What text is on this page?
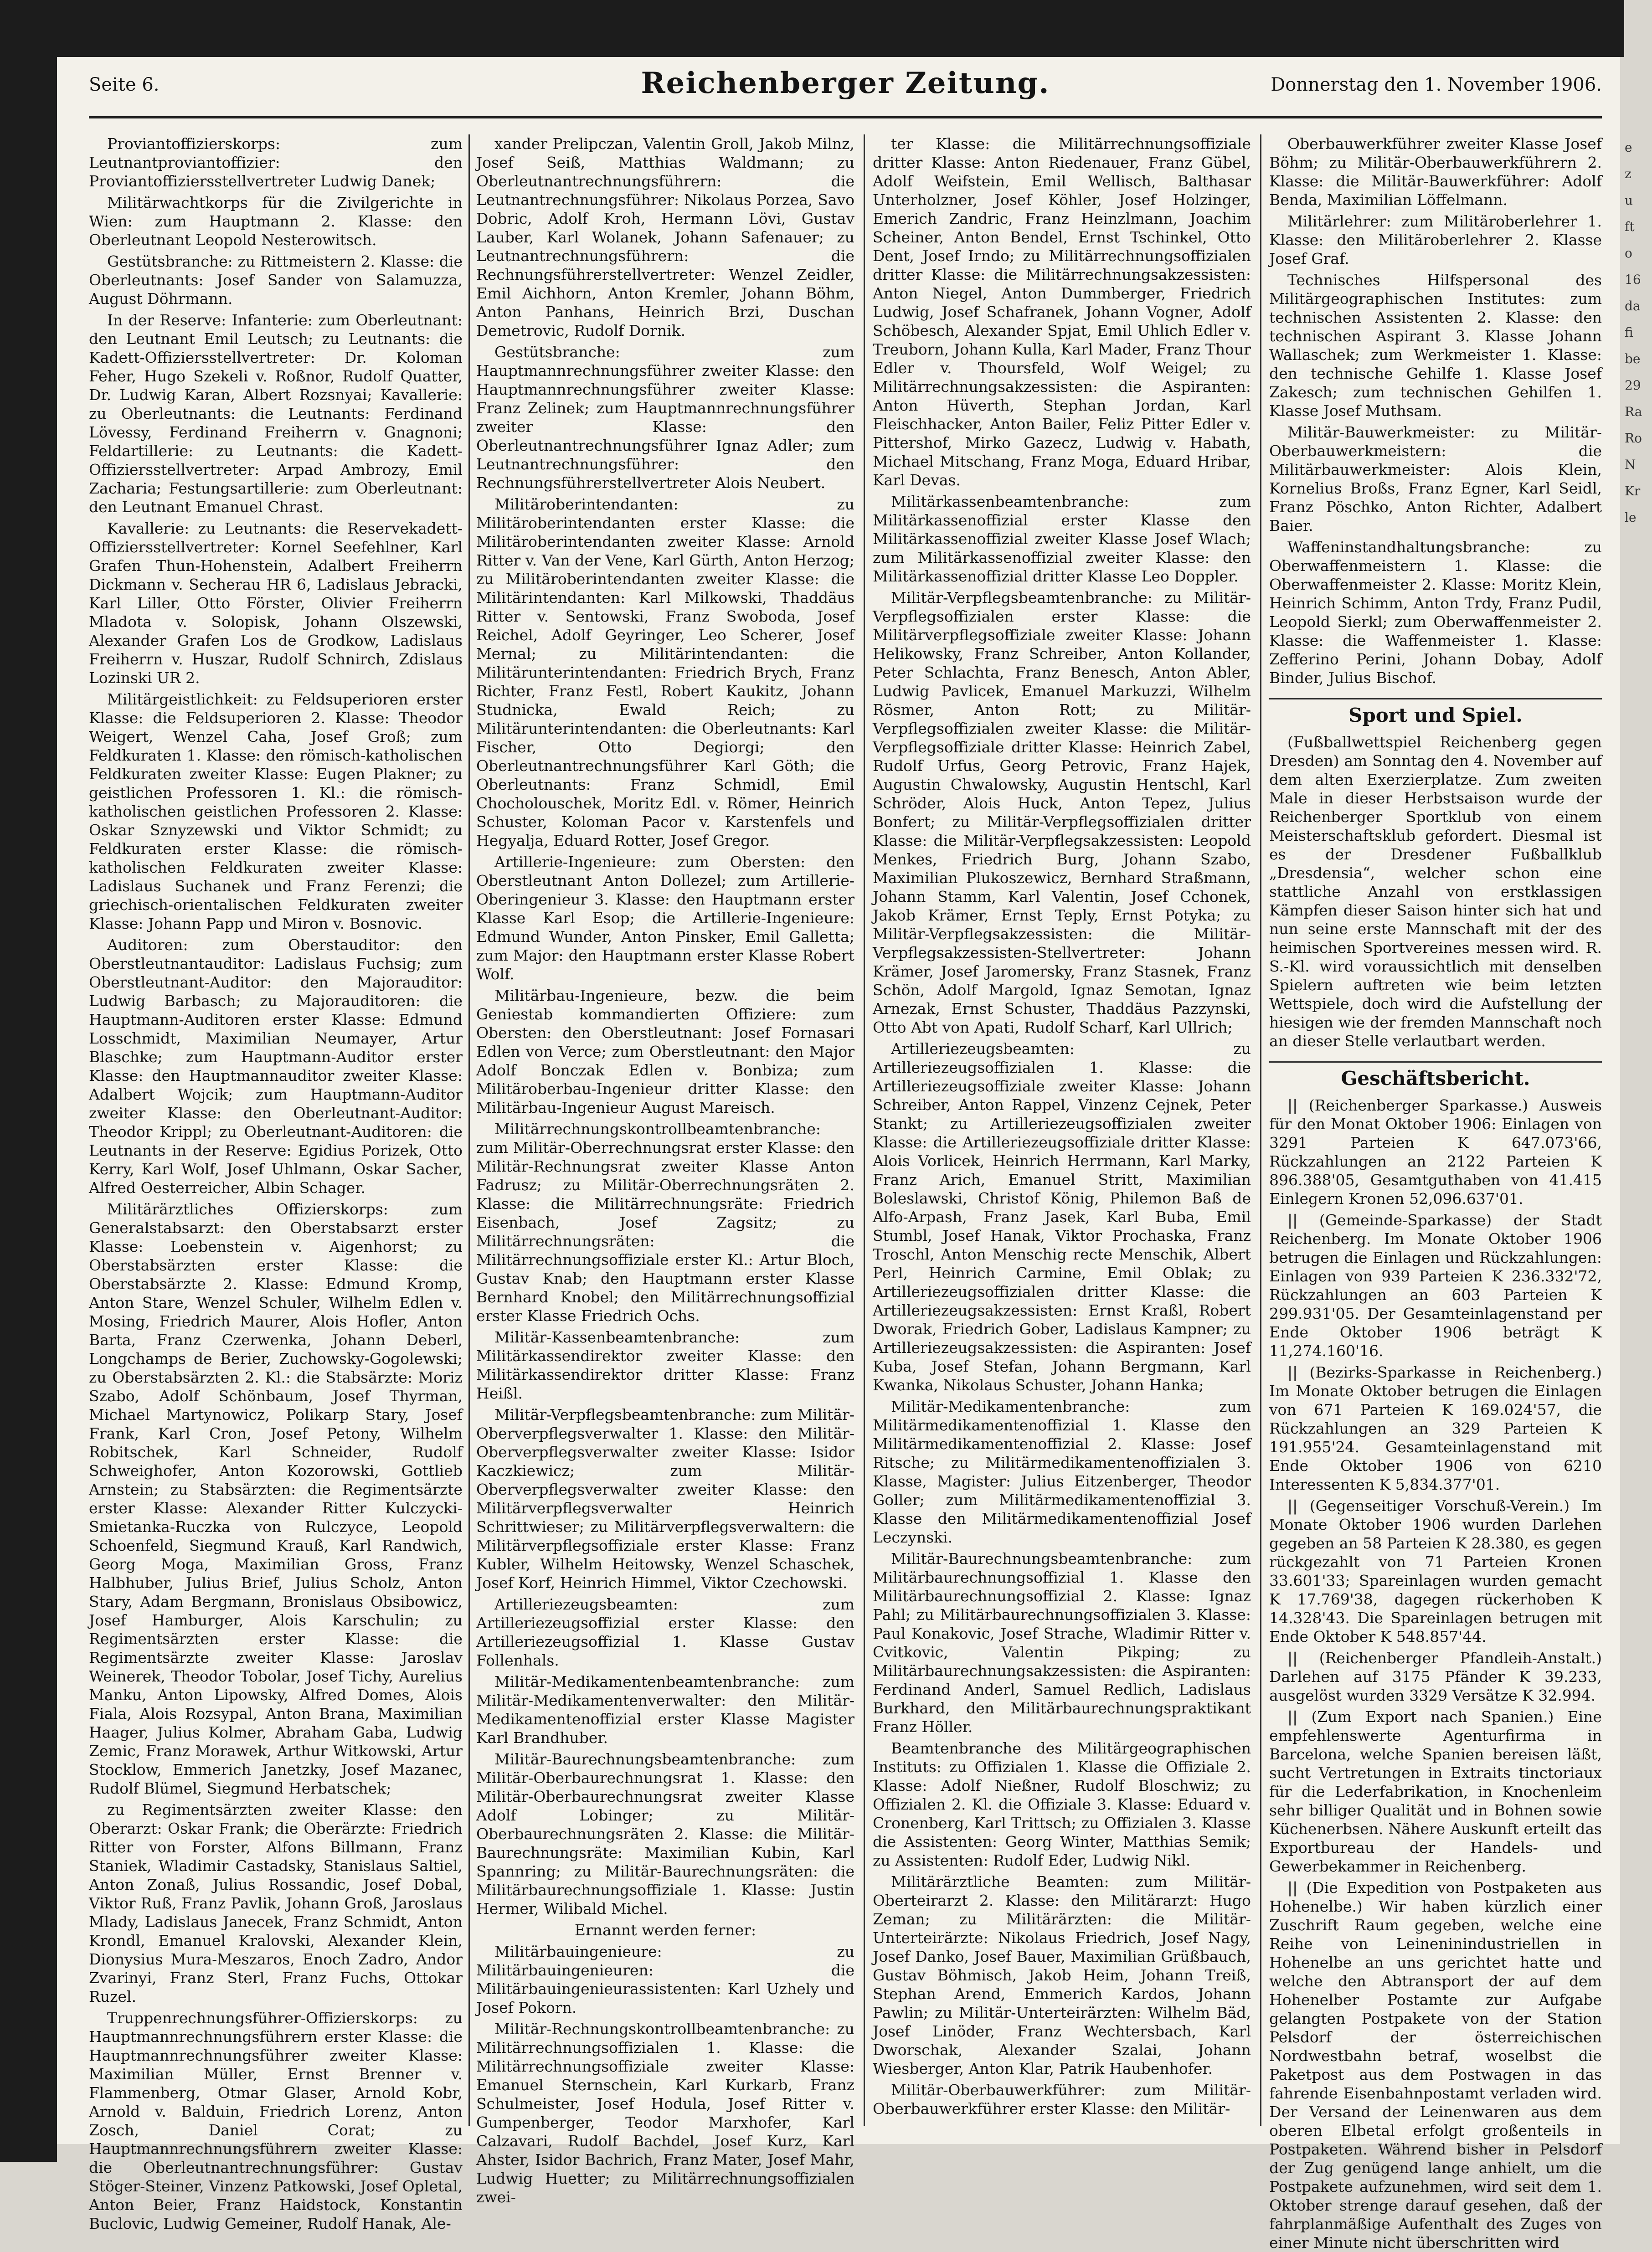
Seite 6.	Reichenberger Zeitung.	Donnerstag den 1. November 1906.

Proviantoffizierskorps: zum Leutnantproviantoffizier: den Proviantoffiziersstellvertreter Ludwig Danek;

Militärwachtkorps für die Zivilgerichte in Wien: zum Hauptmann 2. Klasse: den Oberleutnant Leopold Nesterowitsch.

Gestütsbranche: zu Rittmeistern 2. Klasse: die Oberleutnants: Josef Sander von Salamuzza, August Döhrmann.

In der Reserve: Infanterie: zum Oberleutnant: den Leutnant Emil Leutsch; zu Leutnants: die Kadett-Offiziersstellvertreter: Dr. Koloman Feher, Hugo Szekeli v. Roßnor, Rudolf Quatter, Dr. Ludwig Karan, Albert Rozsnyai; Kavallerie: zu Oberleutnants: die Leutnants: Ferdinand Lövessy, Ferdinand Freiherrn v. Gnagnoni; Feldartillerie: zu Leutnants: die Kadett-Offiziersstellvertreter: Arpad Ambrozy, Emil Zacharia; Festungsartillerie: zum Oberleutnant: den Leutnant Emanuel Chrast.

Kavallerie: zu Leutnants: die Reservekadett-Offiziersstellvertreter: Kornel Seefehlner, Karl Grafen Thun-Hohenstein, Adalbert Freiherrn Dickmann v. Secherau HR 6, Ladislaus Jebracki, Karl Liller, Otto Förster, Olivier Freiherrn Mladota v. Solopisk, Johann Olszewski, Alexander Grafen Los de Grodkow, Ladislaus Freiherrn v. Huszar, Rudolf Schnirch, Zdislaus Lozinski UR 2.

Militärgeistlichkeit: zu Feldsuperioren erster Klasse: die Feldsuperioren 2. Klasse: Theodor Weigert, Wenzel Caha, Josef Groß; zum Feldkuraten 1. Klasse: den römisch-katholischen Feldkuraten zweiter Klasse: Eugen Plakner; zu geistlichen Professoren 1. Kl.: die römisch-katholischen geistlichen Professoren 2. Klasse: Oskar Sznyzewski und Viktor Schmidt; zu Feldkuraten erster Klasse: die römisch-katholischen Feldkuraten zweiter Klasse: Ladislaus Suchanek und Franz Ferenzi; die griechisch-orientalischen Feldkuraten zweiter Klasse: Johann Papp und Miron v. Bosnovic.

Auditoren: zum Oberstauditor: den Oberstleutnantauditor: Ladislaus Fuchsig; zum Oberstleutnant-Auditor: den Majorauditor: Ludwig Barbasch; zu Majorauditoren: die Hauptmann-Auditoren erster Klasse: Edmund Losschmidt, Maximilian Neumayer, Artur Blaschke; zum Hauptmann-Auditor erster Klasse: den Hauptmannauditor zweiter Klasse: Adalbert Wojcik; zum Hauptmann-Auditor zweiter Klasse: den Oberleutnant-Auditor: Theodor Krippl; zu Oberleutnant-Auditoren: die Leutnants in der Reserve: Egidius Porizek, Otto Kerry, Karl Wolf, Josef Uhlmann, Oskar Sacher, Alfred Oesterreicher, Albin Schager.

Militärärztliches Offizierskorps: zum Generalstabsarzt: den Oberstabsarzt erster Klasse: Loebenstein v. Aigenhorst; zu Oberstabsärzten erster Klasse: die Oberstabsärzte 2. Klasse: Edmund Kromp, Anton Stare, Wenzel Schuler, Wilhelm Edlen v. Mosing, Friedrich Maurer, Alois Hofler, Anton Barta, Franz Czerwenka, Johann Deberl, Longchamps de Berier, Zuchowsky-Gogolewski; zu Oberstabsärzten 2. Kl.: die Stabsärzte: Moriz Szabo, Adolf Schönbaum, Josef Thyrman, Michael Martynowicz, Polikarp Stary, Josef Frank, Karl Cron, Josef Petony, Wilhelm Robitschek, Karl Schneider, Rudolf Schweighofer, Anton Kozorowski, Gottlieb Arnstein; zu Stabsärzten: die Regimentsärzte erster Klasse: Alexander Ritter Kulczycki-Smietanka-Ruczka von Rulczyce, Leopold Schoenfeld, Siegmund Krauß, Karl Randwich, Georg Moga, Maximilian Gross, Franz Halbhuber, Julius Brief, Julius Scholz, Anton Stary, Adam Bergmann, Bronislaus Obsibowicz, Josef Hamburger, Alois Karschulin; zu Regimentsärzten erster Klasse: die Regimentsärzte zweiter Klasse: Jaroslav Weinerek, Theodor Tobolar, Josef Tichy, Aurelius Manku, Anton Lipowsky, Alfred Domes, Alois Fiala, Alois Rozsypal, Anton Brana, Maximilian Haager, Julius Kolmer, Abraham Gaba, Ludwig Zemic, Franz Morawek, Arthur Witkowski, Artur Stocklow, Emmerich Janetzky, Josef Mazanec, Rudolf Blümel, Siegmund Herbatschek;

zu Regimentsärzten zweiter Klasse: den Oberarzt: Oskar Frank; die Oberärzte: Friedrich Ritter von Forster, Alfons Billmann, Franz Staniek, Wladimir Castadsky, Stanislaus Saltiel, Anton Zonaß, Julius Rossandic, Josef Dobal, Viktor Ruß, Franz Pavlik, Johann Groß, Jaroslaus Mlady, Ladislaus Janecek, Franz Schmidt, Anton Krondl, Emanuel Kralovski, Alexander Klein, Dionysius Mura-Meszaros, Enoch Zadro, Andor Zvarinyi, Franz Sterl, Franz Fuchs, Ottokar Ruzel.

Truppenrechnungsführer-Offizierskorps: zu Hauptmannrechnungsführern erster Klasse: die Hauptmannrechnungsführer zweiter Klasse: Maximilian Müller, Ernst Brenner v. Flammenberg, Otmar Glaser, Arnold Kobr, Arnold v. Balduin, Friedrich Lorenz, Anton Zosch, Daniel Corat; zu Hauptmannrechnungsführern zweiter Klasse: die Oberleutnantrechnungsführer: Gustav Stöger-Steiner, Vinzenz Patkowski, Josef Opletal, Anton Beier, Franz Haidstock, Konstantin Buclovic, Ludwig Gemeiner, Rudolf Hanak, Ale-

xander Prelipczan, Valentin Groll, Jakob Milnz, Josef Seiß, Matthias Waldmann; zu Oberleutnantrechnungsführern: die Leutnantrechnungsführer: Nikolaus Porzea, Savo Dobric, Adolf Kroh, Hermann Lövi, Gustav Lauber, Karl Wolanek, Johann Safenauer; zu Leutnantrechnungsführern: die Rechnungsführerstellvertreter: Wenzel Zeidler, Emil Aichhorn, Anton Kremler, Johann Böhm, Anton Panhans, Heinrich Brzi, Duschan Demetrovic, Rudolf Dornik.

Gestütsbranche: zum Hauptmannrechnungsführer zweiter Klasse: den Hauptmannrechnungsführer zweiter Klasse: Franz Zelinek; zum Hauptmannrechnungsführer zweiter Klasse: den Oberleutnantrechnungsführer Ignaz Adler; zum Leutnantrechnungsführer: den Rechnungsführerstellvertreter Alois Neubert.

Militäroberintendanten: zu Militäroberintendanten erster Klasse: die Militäroberintendanten zweiter Klasse: Arnold Ritter v. Van der Vene, Karl Gürth, Anton Herzog; zu Militäroberintendanten zweiter Klasse: die Militärintendanten: Karl Milkowski, Thaddäus Ritter v. Sentowski, Franz Swoboda, Josef Reichel, Adolf Geyringer, Leo Scherer, Josef Mernal; zu Militärintendanten: die Militärunterintendanten: Friedrich Brych, Franz Richter, Franz Festl, Robert Kaukitz, Johann Studnicka, Ewald Reich; zu Militärunterintendanten: die Oberleutnants: Karl Fischer, Otto Degiorgi; den Oberleutnantrechnungsführer Karl Göth; die Oberleutnants: Franz Schmidl, Emil Chocholouschek, Moritz Edl. v. Römer, Heinrich Schuster, Koloman Pacor v. Karstenfels und Hegyalja, Eduard Rotter, Josef Gregor.

Artillerie-Ingenieure: zum Obersten: den Oberstleutnant Anton Dollezel; zum Artillerie-Oberingenieur 3. Klasse: den Hauptmann erster Klasse Karl Esop; die Artillerie-Ingenieure: Edmund Wunder, Anton Pinsker, Emil Galletta; zum Major: den Hauptmann erster Klasse Robert Wolf.

Militärbau-Ingenieure, bezw. die beim Geniestab kommandierten Offiziere: zum Obersten: den Oberstleutnant: Josef Fornasari Edlen von Verce; zum Oberstleutnant: den Major Adolf Bonczak Edlen v. Bonbiza; zum Militäroberbau-Ingenieur dritter Klasse: den Militärbau-Ingenieur August Mareisch.

Militärrechnungskontrollbeamtenbranche: zum Militär-Oberrechnungsrat erster Klasse: den Militär-Rechnungsrat zweiter Klasse Anton Fadrusz; zu Militär-Oberrechnungsräten 2. Klasse: die Militärrechnungsräte: Friedrich Eisenbach, Josef Zagsitz; zu Militärrechnungsräten: die Militärrechnungsoffiziale erster Kl.: Artur Bloch, Gustav Knab; den Hauptmann erster Klasse Bernhard Knobel; den Militärrechnungsoffizial erster Klasse Friedrich Ochs.

Militär-Kassenbeamtenbranche: zum Militärkassendirektor zweiter Klasse: den Militärkassendirektor dritter Klasse: Franz Heißl.

Militär-Verpflegsbeamtenbranche: zum Militär-Oberverpflegsverwalter 1. Klasse: den Militär-Oberverpflegsverwalter zweiter Klasse: Isidor Kaczkiewicz; zum Militär-Oberverpflegsverwalter zweiter Klasse: den Militärverpflegsverwalter Heinrich Schrittwieser; zu Militärverpflegsverwaltern: die Militärverpflegsoffiziale erster Klasse: Franz Kubler, Wilhelm Heitowsky, Wenzel Schaschek, Josef Korf, Heinrich Himmel, Viktor Czechowski.

Artilleriezeugsbeamten: zum Artilleriezeugsoffizial erster Klasse: den Artilleriezeugsoffizial 1. Klasse Gustav Follenhals.

Militär-Medikamentenbeamtenbranche: zum Militär-Medikamentenverwalter: den Militär-Medikamentenoffizial erster Klasse Magister Karl Brandhuber.

Militär-Baurechnungsbeamtenbranche: zum Militär-Oberbaurechnungsrat 1. Klasse: den Militär-Oberbaurechnungsrat zweiter Klasse Adolf Lobinger; zu Militär-Oberbaurechnungsräten 2. Klasse: die Militär-Baurechnungsräte: Maximilian Kubin, Karl Spannring; zu Militär-Baurechnungsräten: die Militärbaurechnungsoffiziale 1. Klasse: Justin Hermer, Wilibald Michel.

Ernannt werden ferner:

Militärbauingenieure: zu Militärbauingenieuren: die Militärbauingenieurassistenten: Karl Uzhely und Josef Pokorn.

Militär-Rechnungskontrollbeamtenbranche: zu Militärrechnungsoffizialen 1. Klasse: die Militärrechnungsoffiziale zweiter Klasse: Emanuel Sternschein, Karl Kurkarb, Franz Schulmeister, Josef Hodula, Josef Ritter v. Gumpenberger, Teodor Marxhofer, Karl Calzavari, Rudolf Bachdel, Josef Kurz, Karl Ahster, Isidor Bachrich, Franz Mater, Josef Mahr, Ludwig Huetter; zu Militärrechnungsoffizialen zwei-

ter Klasse: die Militärrechnungsoffiziale dritter Klasse: Anton Riedenauer, Franz Gübel, Adolf Weifstein, Emil Wellisch, Balthasar Unterholzner, Josef Köhler, Josef Holzinger, Emerich Zandric, Franz Heinzlmann, Joachim Scheiner, Anton Bendel, Ernst Tschinkel, Otto Dent, Josef Irndo; zu Militärrechnungsoffizialen dritter Klasse: die Militärrechnungsakzessisten: Anton Niegel, Anton Dummberger, Friedrich Ludwig, Josef Schafranek, Johann Vogner, Adolf Schöbesch, Alexander Spjat, Emil Uhlich Edler v. Treuborn, Johann Kulla, Karl Mader, Franz Thour Edler v. Thoursfeld, Wolf Weigel; zu Militärrechnungsakzessisten: die Aspiranten: Anton Hüverth, Stephan Jordan, Karl Fleischhacker, Anton Bailer, Feliz Pitter Edler v. Pittershof, Mirko Gazecz, Ludwig v. Habath, Michael Mitschang, Franz Moga, Eduard Hribar, Karl Devas.

Militärkassenbeamtenbranche: zum Militärkassenoffizial erster Klasse den Militärkassenoffizial zweiter Klasse Josef Wlach; zum Militärkassenoffizial zweiter Klasse: den Militärkassenoffizial dritter Klasse Leo Doppler.

Militär-Verpflegsbeamtenbranche: zu Militär-Verpflegsoffizialen erster Klasse: die Militärverpflegsoffiziale zweiter Klasse: Johann Helikowsky, Franz Schreiber, Anton Kollander, Peter Schlachta, Franz Benesch, Anton Abler, Ludwig Pavlicek, Emanuel Markuzzi, Wilhelm Rösmer, Anton Rott; zu Militär-Verpflegsoffizialen zweiter Klasse: die Militär-Verpflegsoffiziale dritter Klasse: Heinrich Zabel, Rudolf Urfus, Georg Petrovic, Franz Hajek, Augustin Chwalowsky, Augustin Hentschl, Karl Schröder, Alois Huck, Anton Tepez, Julius Bonfert; zu Militär-Verpflegsoffizialen dritter Klasse: die Militär-Verpflegsakzessisten: Leopold Menkes, Friedrich Burg, Johann Szabo, Maximilian Plukoszewicz, Bernhard Straßmann, Johann Stamm, Karl Valentin, Josef Cchonek, Jakob Krämer, Ernst Teply, Ernst Potyka; zu Militär-Verpflegsakzessisten: die Militär-Verpflegsakzessisten-Stellvertreter: Johann Krämer, Josef Jaromersky, Franz Stasnek, Franz Schön, Adolf Margold, Ignaz Semotan, Ignaz Arnezak, Ernst Schuster, Thaddäus Pazzynski, Otto Abt von Apati, Rudolf Scharf, Karl Ullrich;

Artilleriezeugsbeamten: zu Artilleriezeugsoffizialen 1. Klasse: die Artilleriezeugsoffiziale zweiter Klasse: Johann Schreiber, Anton Rappel, Vinzenz Cejnek, Peter Stankt; zu Artilleriezeugsoffizialen zweiter Klasse: die Artilleriezeugsoffiziale dritter Klasse: Alois Vorlicek, Heinrich Herrmann, Karl Marky, Franz Arich, Emanuel Stritt, Maximilian Boleslawski, Christof König, Philemon Baß de Alfo-Arpash, Franz Jasek, Karl Buba, Emil Stumbl, Josef Hanak, Viktor Prochaska, Franz Troschl, Anton Menschig recte Menschik, Albert Perl, Heinrich Carmine, Emil Oblak; zu Artilleriezeugsoffizialen dritter Klasse: die Artilleriezeugsakzessisten: Ernst Kraßl, Robert Dworak, Friedrich Gober, Ladislaus Kampner; zu Artilleriezeugsakzessisten: die Aspiranten: Josef Kuba, Josef Stefan, Johann Bergmann, Karl Kwanka, Nikolaus Schuster, Johann Hanka;

Militär-Medikamentenbranche: zum Militärmedikamentenoffizial 1. Klasse den Militärmedikamentenoffizial 2. Klasse: Josef Ritsche; zu Militärmedikamentenoffizialen 3. Klasse, Magister: Julius Eitzenberger, Theodor Goller; zum Militärmedikamentenoffizial 3. Klasse den Militärmedikamentenoffizial Josef Leczynski.

Militär-Baurechnungsbeamtenbranche: zum Militärbaurechnungsoffizial 1. Klasse den Militärbaurechnungsoffizial 2. Klasse: Ignaz Pahl; zu Militärbaurechnungsoffizialen 3. Klasse: Paul Konakovic, Josef Strache, Wladimir Ritter v. Cvitkovic, Valentin Pikping; zu Militärbaurechnungsakzessisten: die Aspiranten: Ferdinand Anderl, Samuel Redlich, Ladislaus Burkhard, den Militärbaurechnungspraktikant Franz Höller.

Beamtenbranche des Militärgeographischen Instituts: zu Offizialen 1. Klasse die Offiziale 2. Klasse: Adolf Nießner, Rudolf Bloschwiz; zu Offizialen 2. Kl. die Offiziale 3. Klasse: Eduard v. Cronenberg, Karl Trittsch; zu Offizialen 3. Klasse die Assistenten: Georg Winter, Matthias Semik; zu Assistenten: Rudolf Eder, Ludwig Nikl.

Militärärztliche Beamten: zum Militär-Oberteirarzt 2. Klasse: den Militärarzt: Hugo Zeman; zu Militärärzten: die Militär-Unterteirärzte: Nikolaus Friedrich, Josef Nagy, Josef Danko, Josef Bauer, Maximilian Grüßbauch, Gustav Böhmisch, Jakob Heim, Johann Treiß, Stephan Arend, Emmerich Kardos, Johann Pawlin; zu Militär-Unterteirärzten: Wilhelm Bäd, Josef Linöder, Franz Wechtersbach, Karl Dworschak, Alexander Szalai, Johann Wiesberger, Anton Klar, Patrik Haubenhofer.

Militär-Oberbauwerkführer: zum Militär-Oberbauwerkführer erster Klasse: den Militär-

Oberbauwerkführer zweiter Klasse Josef Böhm; zu Militär-Oberbauwerkführern 2. Klasse: die Militär-Bauwerkführer: Adolf Benda, Maximilian Löffelmann.

Militärlehrer: zum Militäroberlehrer 1. Klasse: den Militäroberlehrer 2. Klasse Josef Graf.

Technisches Hilfspersonal des Militärgeographischen Institutes: zum technischen Assistenten 2. Klasse: den technischen Aspirant 3. Klasse Johann Wallaschek; zum Werkmeister 1. Klasse: den technische Gehilfe 1. Klasse Josef Zakesch; zum technischen Gehilfen 1. Klasse Josef Muthsam.

Militär-Bauwerkmeister: zu Militär-Oberbauwerkmeistern: die Militärbauwerkmeister: Alois Klein, Kornelius Broßs, Franz Egner, Karl Seidl, Franz Pöschko, Anton Richter, Adalbert Baier.

Waffeninstandhaltungsbranche: zu Oberwaffenmeistern 1. Klasse: die Oberwaffenmeister 2. Klasse: Moritz Klein, Heinrich Schimm, Anton Trdy, Franz Pudil, Leopold Sierkl; zum Oberwaffenmeister 2. Klasse: die Waffenmeister 1. Klasse: Zefferino Perini, Johann Dobay, Adolf Binder, Julius Bischof.

Sport und Spiel.

(Fußballwettspiel Reichenberg gegen Dresden) am Sonntag den 4. November auf dem alten Exerzierplatze. Zum zweiten Male in dieser Herbstsaison wurde der Reichenberger Sportklub von einem Meisterschaftsklub gefordert. Diesmal ist es der Dresdener Fußballklub „Dresdensia“, welcher schon eine stattliche Anzahl von erstklassigen Kämpfen dieser Saison hinter sich hat und nun seine erste Mannschaft mit der des heimischen Sportvereines messen wird. R. S.-Kl. wird voraussichtlich mit denselben Spielern auftreten wie beim letzten Wettspiele, doch wird die Aufstellung der hiesigen wie der fremden Mannschaft noch an dieser Stelle verlautbart werden.

Geschäftsbericht.

|| (Reichenberger Sparkasse.) Ausweis für den Monat Oktober 1906: Einlagen von 3291 Parteien K 647.073'66, Rückzahlungen an 2122 Parteien K 896.388'05, Gesamtguthaben von 41.415 Einlegern Kronen 52,096.637'01.

|| (Gemeinde-Sparkasse) der Stadt Reichenberg. Im Monate Oktober 1906 betrugen die Einlagen und Rückzahlungen: Einlagen von 939 Parteien K 236.332'72, Rückzahlungen an 603 Parteien K 299.931'05. Der Gesamteinlagenstand per Ende Oktober 1906 beträgt K 11,274.160'16.

|| (Bezirks-Sparkasse in Reichenberg.) Im Monate Oktober betrugen die Einlagen von 671 Parteien K 169.024'57, die Rückzahlungen an 329 Parteien K 191.955'24. Gesamteinlagenstand mit Ende Oktober 1906 von 6210 Interessenten K 5,834.377'01.

|| (Gegenseitiger Vorschuß-Verein.) Im Monate Oktober 1906 wurden Darlehen gegeben an 58 Parteien K 28.380, es gegen rückgezahlt von 71 Parteien Kronen 33.601'33; Spareinlagen wurden gemacht K 17.769'38, dagegen rückerhoben K 14.328'43. Die Spareinlagen betrugen mit Ende Oktober K 548.857'44.

|| (Reichenberger Pfandleih-Anstalt.) Darlehen auf 3175 Pfänder K 39.233, ausgelöst wurden 3329 Versätze K 32.994.

|| (Zum Export nach Spanien.) Eine empfehlenswerte Agenturfirma in Barcelona, welche Spanien bereisen läßt, sucht Vertretungen in Extraits tinctoriaux für die Lederfabrikation, in Knochenleim sehr billiger Qualität und in Bohnen sowie Küchenerbsen. Nähere Auskunft erteilt das Exportbureau der Handels- und Gewerbekammer in Reichenberg.

|| (Die Expedition von Postpaketen aus Hohenelbe.) Wir haben kürzlich einer Zuschrift Raum gegeben, welche eine Reihe von Leineninindustriellen in Hohenelbe an uns gerichtet hatte und welche den Abtransport der auf dem Hohenelber Postamte zur Aufgabe gelangten Postpakete von der Station Pelsdorf der österreichischen Nordwestbahn betraf, woselbst die Paketpost aus dem Postwagen in das fahrende Eisenbahnpostamt verladen wird. Der Versand der Leinenwaren aus dem oberen Elbetal erfolgt großenteils in Postpaketen. Während bisher in Pelsdorf der Zug genügend lange anhielt, um die Postpakete aufzunehmen, wird seit dem 1. Oktober strenge darauf gesehen, daß der fahrplanmäßige Aufenthalt des Zuges von einer Minute nicht überschritten wird

e
z
u
ft
o
16
da
fi
be
29
Ra
Ro
N
Kr
le
